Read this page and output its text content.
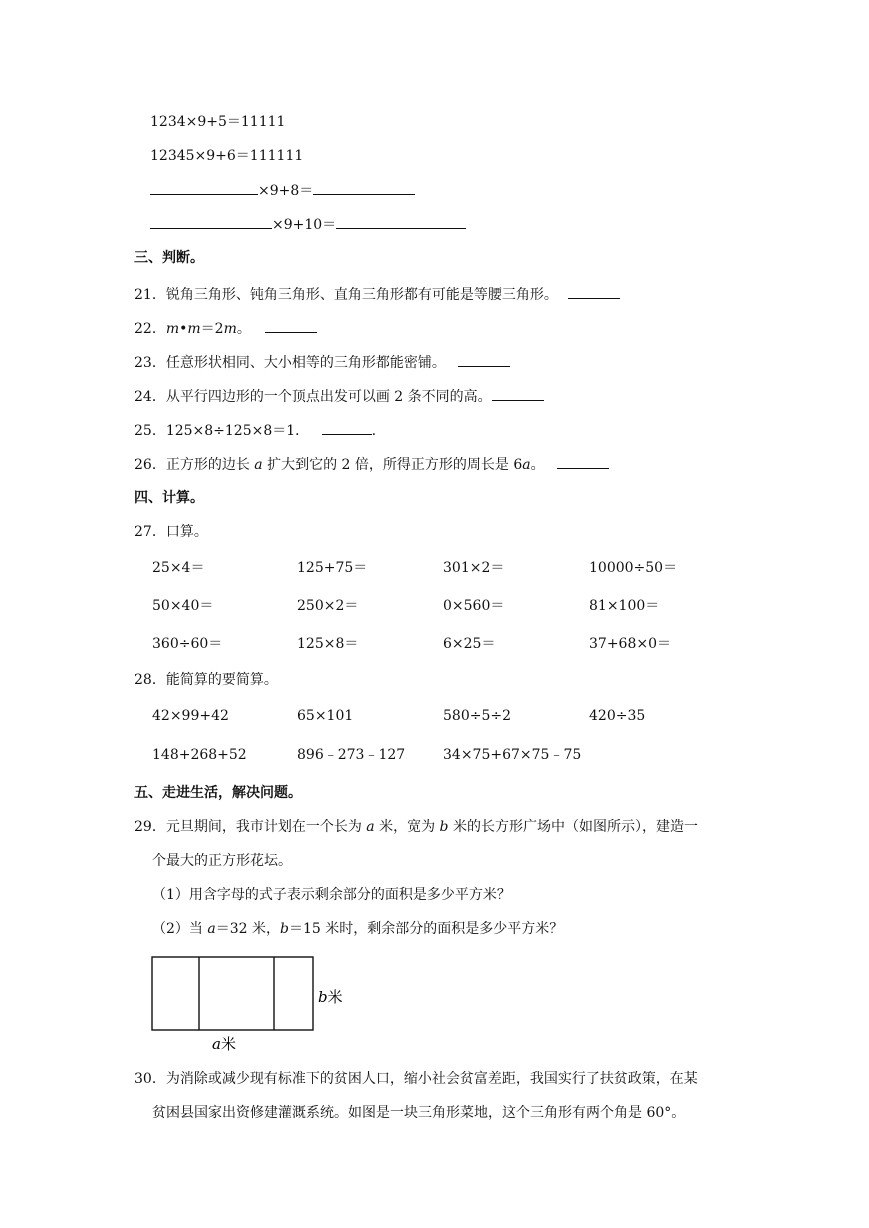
1234×9+5＝11111
12345×9+6＝111111
×9+8＝
×9+10＝
三、判断。
21．锐角三角形、钝角三角形、直角三角形都有可能是等腰三角形。
22．m•m＝2m。
23．任意形状相同、大小相等的三角形都能密铺。
24．从平行四边形的一个顶点出发可以画 2 条不同的高。
25．125×8÷125×8＝1．	.
26．正方形的边长 a 扩大到它的 2 倍，所得正方形的周长是 6a。
四、计算。
27．口算。
25×4＝	125+75＝	301×2＝	10000÷50＝
50×40＝	250×2＝	0×560＝	81×100＝
360÷60＝	125×8＝	6×25＝	37+68×0＝
28．能简算的要简算。
42×99+42	65×101	580÷5÷2	420÷35
148+268+52	896﹣273﹣127	34×75+67×75﹣75
五、走进生活，解决问题。
29．元旦期间，我市计划在一个长为 a 米，宽为 b 米的长方形广场中（如图所示），建造一
个最大的正方形花坛。
（1）用含字母的式子表示剩余部分的面积是多少平方米？
（2）当 a＝32 米，b＝15 米时，剩余部分的面积是多少平方米？
b米
a米
30．为消除或减少现有标准下的贫困人口，缩小社会贫富差距，我国实行了扶贫政策，在某
贫困县国家出资修建灌溉系统。如图是一块三角形菜地，这个三角形有两个角是 60°。
